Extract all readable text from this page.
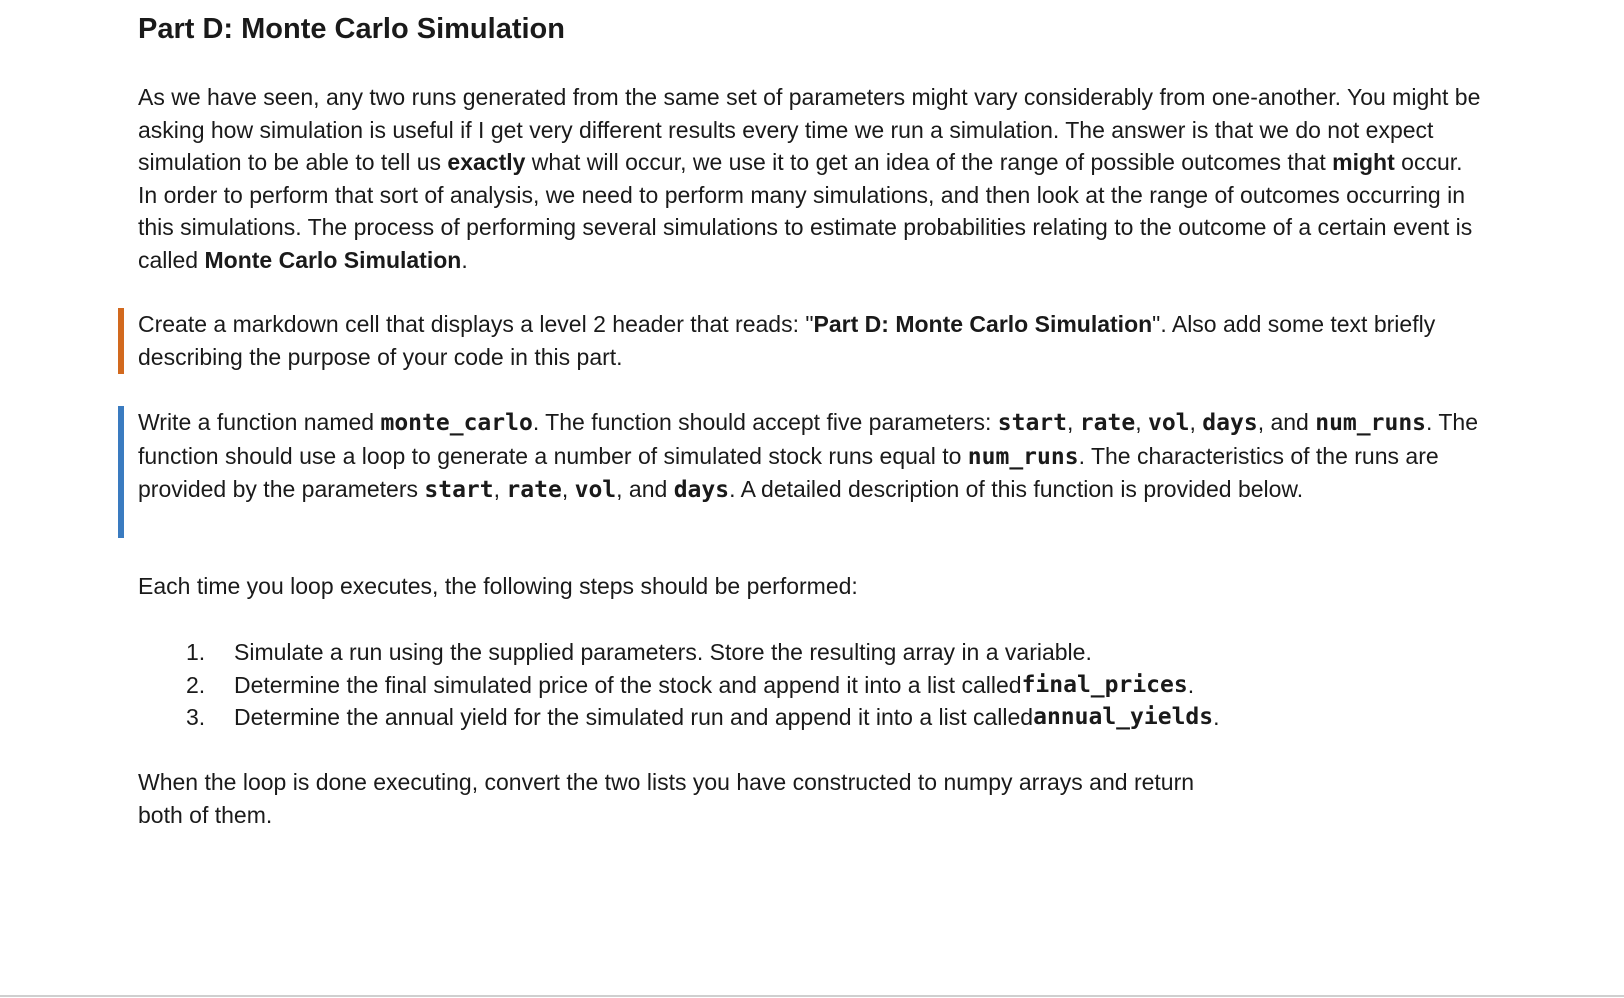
Part D: Monte Carlo Simulation

As we have seen, any two runs generated from the same set of parameters might vary considerably from one-another. You might be asking how simulation is useful if I get very different results every time we run a simulation. The answer is that we do not expect simulation to be able to tell us exactly what will occur, we use it to get an idea of the range of possible outcomes that might occur. In order to perform that sort of analysis, we need to perform many simulations, and then look at the range of outcomes occurring in this simulations. The process of performing several simulations to estimate probabilities relating to the outcome of a certain event is called Monte Carlo Simulation.

Create a markdown cell that displays a level 2 header that reads: "Part D: Monte Carlo Simulation". Also add some text briefly describing the purpose of your code in this part.

Write a function named monte_carlo. The function should accept five parameters: start, rate, vol, days, and num_runs. The function should use a loop to generate a number of simulated stock runs equal to num_runs. The characteristics of the runs are provided by the parameters start, rate, vol, and days. A detailed description of this function is provided below.

Each time you loop executes, the following steps should be performed:

1.	Simulate a run using the supplied parameters. Store the resulting array in a variable.
2.	Determine the final simulated price of the stock and append it into a list called final_prices .
3.	Determine the annual yield for the simulated run and append it into a list called annual_yields .

When the loop is done executing, convert the two lists you have constructed to numpy arrays and return both of them.
